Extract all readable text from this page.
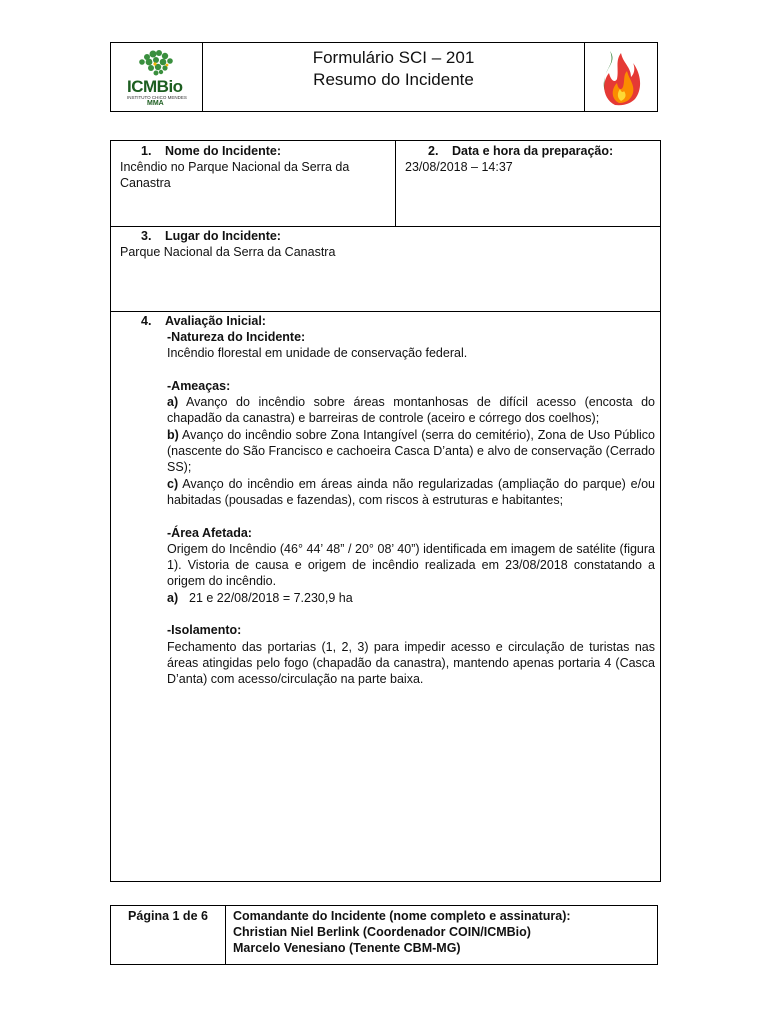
ICMBio
INSTITUTO CHICO MENDES
MMA
Formulário SCI – 201
Resumo do Incidente
1. Nome do Incidente:
Incêndio no Parque Nacional da Serra da Canastra
2. Data e hora da preparação:
23/08/2018 – 14:37
3. Lugar do Incidente:
Parque Nacional da Serra da Canastra
4. Avaliação Inicial:
-Natureza do Incidente:
Incêndio florestal em unidade de conservação federal.
-Ameaças:
a) Avanço do incêndio sobre áreas montanhosas de difícil acesso (encosta do chapadão da canastra) e barreiras de controle (aceiro e córrego dos coelhos);
b) Avanço do incêndio sobre Zona Intangível (serra do cemitério), Zona de Uso Público (nascente do São Francisco e cachoeira Casca D’anta) e alvo de conservação (Cerrado SS);
c) Avanço do incêndio em áreas ainda não regularizadas (ampliação do parque) e/ou habitadas (pousadas e fazendas), com riscos à estruturas e habitantes;
-Área Afetada:
Origem do Incêndio (46° 44’ 48” / 20° 08’ 40”) identificada em imagem de satélite (figura 1). Vistoria de causa e origem de incêndio realizada em 23/08/2018 constatando a origem do incêndio.
a) 21 e 22/08/2018 = 7.230,9 ha
-Isolamento:
Fechamento das portarias (1, 2, 3) para impedir acesso e circulação de turistas nas áreas atingidas pelo fogo (chapadão da canastra), mantendo apenas portaria 4 (Casca D’anta) com acesso/circulação na parte baixa.
Página 1 de 6	Comandante do Incidente (nome completo e assinatura):
Christian Niel Berlink (Coordenador COIN/ICMBio)
Marcelo Venesiano (Tenente CBM-MG)
